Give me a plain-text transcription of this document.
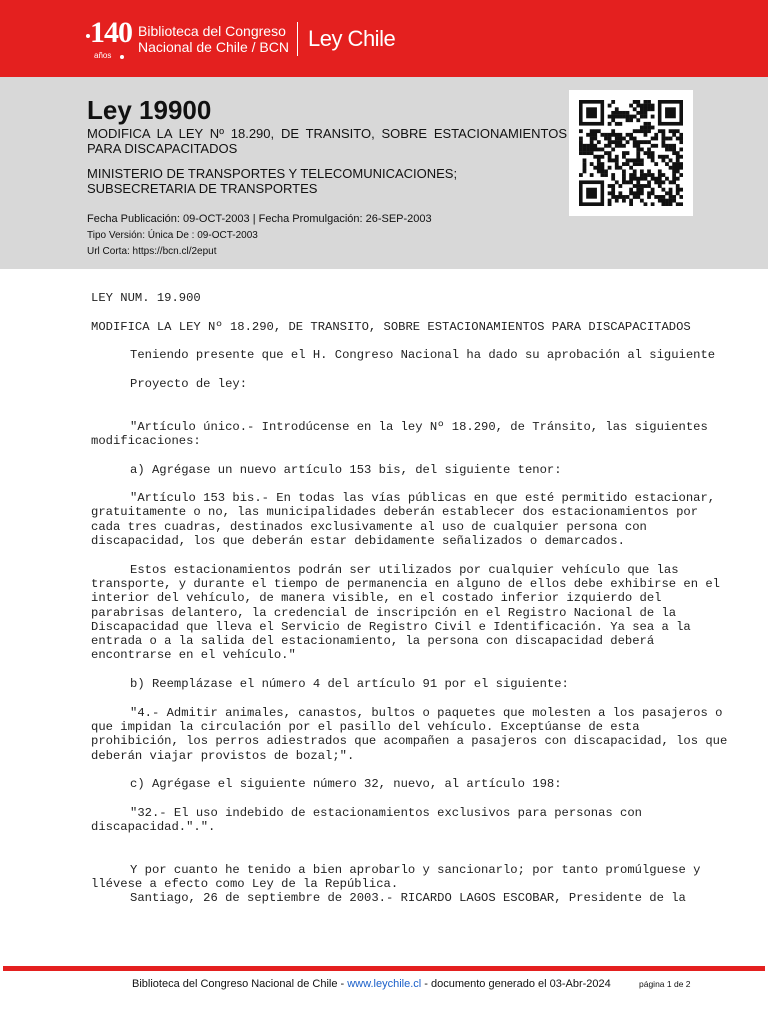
140
años
Biblioteca del Congreso
Nacional de Chile / BCN Ley Chile
Ley 19900
MODIFICA LA LEY Nº 18.290, DE TRANSITO, SOBRE ESTACIONAMIENTOS PARA DISCAPACITADOS
MINISTERIO DE TRANSPORTES Y TELECOMUNICACIONES; SUBSECRETARIA DE TRANSPORTES
Fecha Publicación: 09-OCT-2003 | Fecha Promulgación: 26-SEP-2003
Tipo Versión: Única De : 09-OCT-2003
Url Corta: https://bcn.cl/2eput

LEY NUM. 19.900

MODIFICA LA LEY Nº 18.290, DE TRANSITO, SOBRE ESTACIONAMIENTOS PARA DISCAPACITADOS

Teniendo presente que el H. Congreso Nacional ha dado su aprobación al siguiente

Proyecto de ley:

"Artículo único.- Introdúcense en la ley Nº 18.290, de Tránsito, las siguientes modificaciones:

a) Agrégase un nuevo artículo 153 bis, del siguiente tenor:

"Artículo 153 bis.- En todas las vías públicas en que esté permitido estacionar, gratuitamente o no, las municipalidades deberán establecer dos estacionamientos por cada tres cuadras, destinados exclusivamente al uso de cualquier persona con discapacidad, los que deberán estar debidamente señalizados o demarcados.

Estos estacionamientos podrán ser utilizados por cualquier vehículo que las transporte, y durante el tiempo de permanencia en alguno de ellos debe exhibirse en el interior del vehículo, de manera visible, en el costado inferior izquierdo del parabrisas delantero, la credencial de inscripción en el Registro Nacional de la Discapacidad que lleva el Servicio de Registro Civil e Identificación. Ya sea a la entrada o a la salida del estacionamiento, la persona con discapacidad deberá encontrarse en el vehículo."

b) Reemplázase el número 4 del artículo 91 por el siguiente:

"4.- Admitir animales, canastos, bultos o paquetes que molesten a los pasajeros o que impidan la circulación por el pasillo del vehículo. Exceptúanse de esta prohibición, los perros adiestrados que acompañen a pasajeros con discapacidad, los que deberán viajar provistos de bozal;".

c) Agrégase el siguiente número 32, nuevo, al artículo 198:

"32.- El uso indebido de estacionamientos exclusivos para personas con discapacidad.".".

Y por cuanto he tenido a bien aprobarlo y sancionarlo; por tanto promúlguese y llévese a efecto como Ley de la República.

Santiago, 26 de septiembre de 2003.- RICARDO LAGOS ESCOBAR, Presidente de la

Biblioteca del Congreso Nacional de Chile - www.leychile.cl - documento generado el 03-Abr-2024	página 1 de 2
